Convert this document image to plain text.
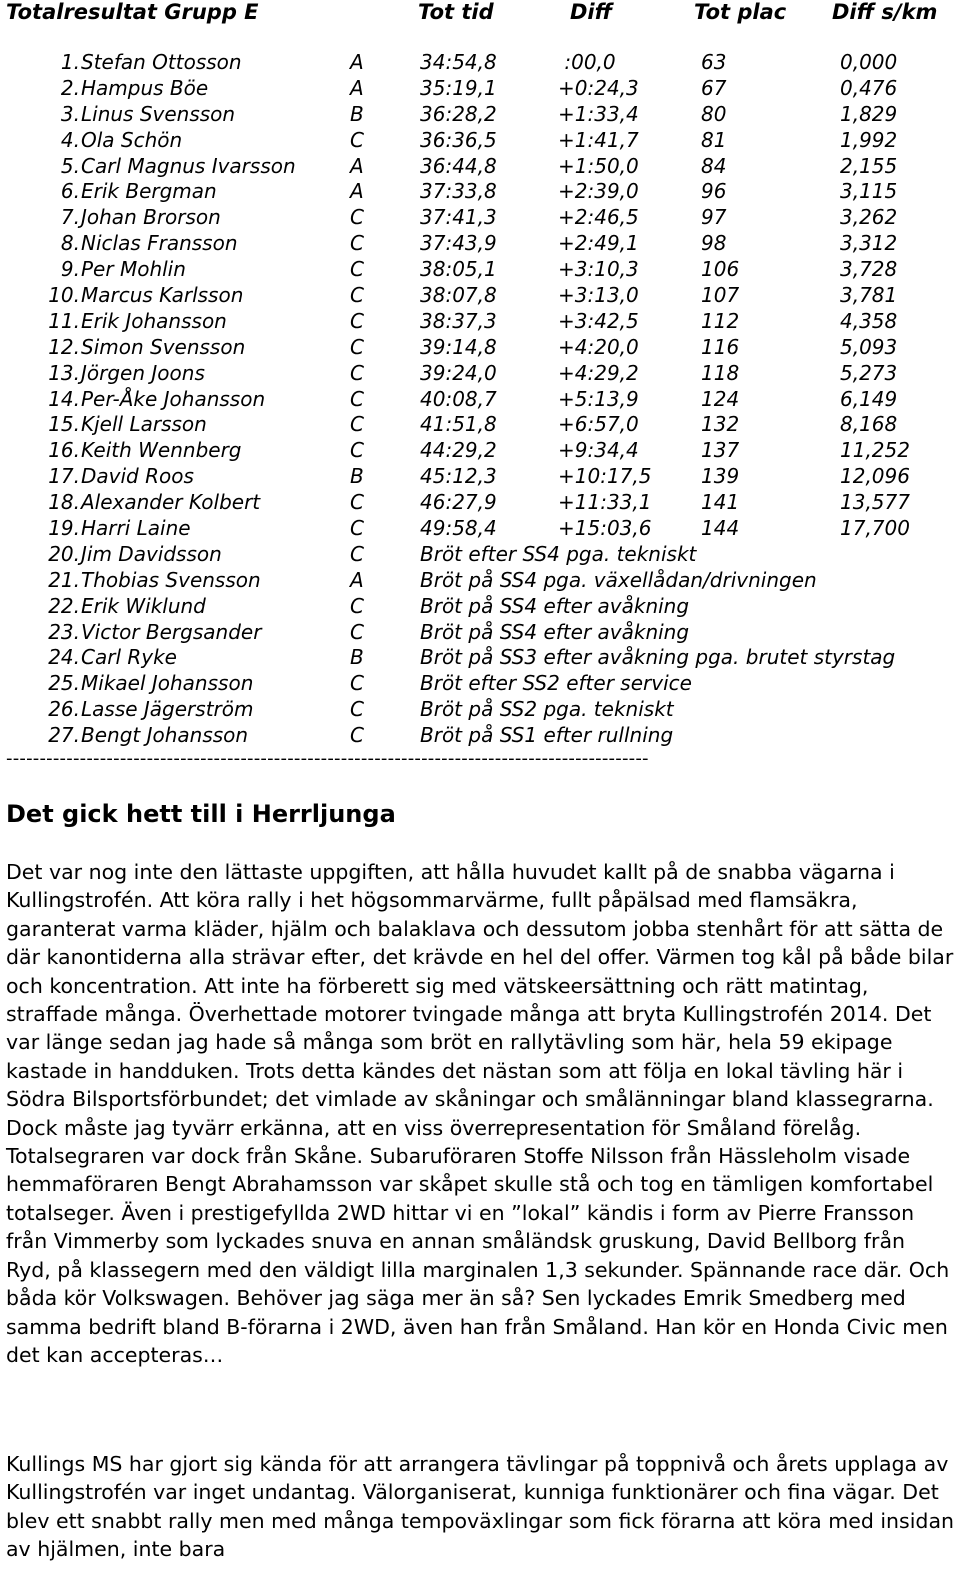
Totalresultat Grupp E	Tot tid	Diff	Tot plac Diff s/km
1. Stefan Ottosson	A	34:54,8	:00,0	63	0,000
2. Hampus Böe	A	35:19,1	+0:24,3	67	0,476
3. Linus Svensson	B	36:28,2	+1:33,4	80	1,829
4. Ola Schön	C	36:36,5	+1:41,7	81	1,992
5. Carl Magnus Ivarsson	A	36:44,8	+1:50,0	84	2,155
6. Erik Bergman	A	37:33,8	+2:39,0	96	3,115
7. Johan Brorson	C	37:41,3	+2:46,5	97	3,262
8. Niclas Fransson	C	37:43,9	+2:49,1	98	3,312
9. Per Mohlin	C	38:05,1	+3:10,3	106	3,728
10. Marcus Karlsson	C	38:07,8	+3:13,0	107	3,781
11. Erik Johansson	C	38:37,3	+3:42,5	112	4,358
12. Simon Svensson	C	39:14,8	+4:20,0	116	5,093
13. Jörgen Joons	C	39:24,0	+4:29,2	118	5,273
14. Per-Åke Johansson	C	40:08,7	+5:13,9	124	6,149
15. Kjell Larsson	C	41:51,8	+6:57,0	132	8,168
16. Keith Wennberg	C	44:29,2	+9:34,4	137	11,252
17. David Roos	B	45:12,3	+10:17,5 139	12,096
18. Alexander Kolbert	C	46:27,9	+11:33,1 141	13,577
19. Harri Laine	C	49:58,4	+15:03,6 144	17,700
20. Jim Davidsson	C	Bröt efter SS4 pga. tekniskt
21. Thobias Svensson	A	Bröt på SS4 pga. växellådan/drivningen
22. Erik Wiklund	C	Bröt på SS4 efter avåkning
23. Victor Bergsander	C	Bröt på SS4 efter avåkning
24. Carl Ryke	B	Bröt på SS3 efter avåkning pga. brutet styrstag
25. Mikael Johansson	C	Bröt efter SS2 efter service
26. Lasse Jägerström	C	Bröt på SS2 pga. tekniskt
27. Bengt Johansson	C	Bröt på SS1 efter rullning
------------------------------------------------------------------------------------------------
Det gick hett till i Herrljunga

Det var nog inte den lättaste uppgiften, att hålla huvudet kallt på de snabba vägarna i Kullingstrofén. Att köra rally i het högsommarvärme, fullt påpälsad med flamsäkra, garanterat varma kläder, hjälm och balaklava och dessutom jobba stenhårt för att sätta de där kanontiderna alla strävar efter, det krävde en hel del offer. Värmen tog kål på både bilar och koncentration. Att inte ha förberett sig med vätskeersättning och rätt matintag, straffade många. Överhettade motorer tvingade många att bryta Kullingstrofén 2014. Det var länge sedan jag hade så många som bröt en rallytävling som här, hela 59 ekipage kastade in handduken. Trots detta kändes det nästan som att följa en lokal tävling här i Södra Bilsportsförbundet; det vimlade av skåningar och smålänningar bland klassegrarna. Dock måste jag tyvärr erkänna, att en viss överrepresentation för Småland förelåg. Totalsegraren var dock från Skåne. Subaruföraren Stoffe Nilsson från Hässleholm visade hemmaföraren Bengt Abrahamsson var skåpet skulle stå och tog en tämligen komfortabel totalseger. Även i prestigefyllda 2WD hittar vi en ”lokal” kändis i form av Pierre Fransson från Vimmerby som lyckades snuva en annan småländsk gruskung, David Bellborg från Ryd, på klassegern med den väldigt lilla marginalen 1,3 sekunder. Spännande race där. Och båda kör Volkswagen. Behöver jag säga mer än så? Sen lyckades Emrik Smedberg med samma bedrift bland B-förarna i 2WD, även han från Småland. Han kör en Honda Civic men det kan accepteras…

Kullings MS har gjort sig kända för att arrangera tävlingar på toppnivå och årets upplaga av Kullingstrofén var inget undantag. Välorganiserat, kunniga funktionärer och fina vägar. Det blev ett snabbt rally men med många tempoväxlingar som fick förarna att köra med insidan av hjälmen, inte bara
